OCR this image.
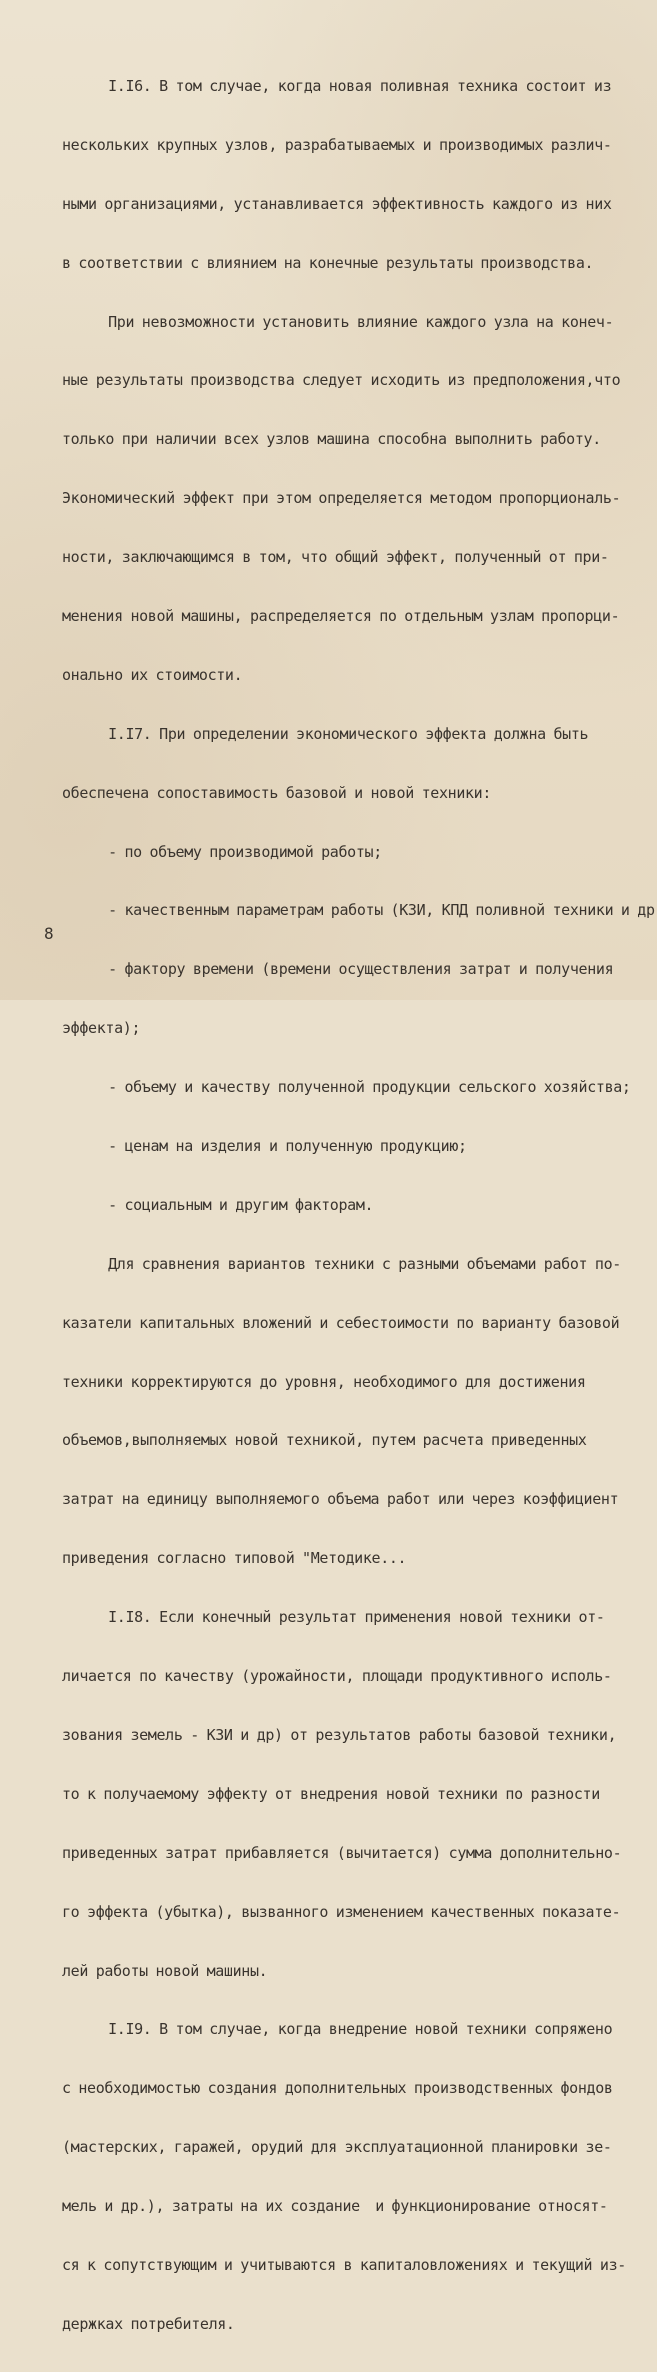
I.I6. В том случае, когда новая поливная техника состоит из

нескольких крупных узлов, разрабатываемых и производимых различ-

ными организациями, устанавливается эффективность каждого из них

в соответствии с влиянием на конечные результаты производства.

При невозможности установить влияние каждого узла на конеч-

ные результаты производства следует исходить из предположения,что

только при наличии всех узлов машина способна выполнить работу.

Экономический эффект при этом определяется методом пропорциональ-

ности, заключающимся в том, что общий эффект, полученный от при-

менения новой машины, распределяется по отдельным узлам пропорци-

онально их стоимости.

I.I7. При определении экономического эффекта должна быть

обеспечена сопоставимость базовой и новой техники:

- по объему производимой работы;

- качественным параметрам работы (КЗИ, КПД поливной техники и др

- фактору времени (времени осуществления затрат и получения

эффекта);

- объему и качеству полученной продукции сельского хозяйства;

- ценам на изделия и полученную продукцию;

- социальным и другим факторам.

Для сравнения вариантов техники с разными объемами работ по-

казатели капитальных вложений и себестоимости по варианту базовой

техники корректируются до уровня, необходимого для достижения

объемов,выполняемых новой техникой, путем расчета приведенных

затрат на единицу выполняемого объема работ или через коэффициент

приведения согласно типовой "Методике...

I.I8. Если конечный результат применения новой техники от-

личается по качеству (урожайности, площади продуктивного исполь-

зования земель - КЗИ и др) от результатов работы базовой техники,

то к получаемому эффекту от внедрения новой техники по разности

приведенных затрат прибавляется (вычитается) сумма дополнительно-

го эффекта (убытка), вызванного изменением качественных показате-

лей работы новой машины.

I.I9. В том случае, когда внедрение новой техники сопряжено

с необходимостью создания дополнительных производственных фондов

(мастерских, гаражей, орудий для эксплуатационной планировки зе-

мель и др.), затраты на их создание  и функционирование относят-

ся к сопутствующим и учитываются в капиталовложениях и текущий из-

держках потребителя.

8
